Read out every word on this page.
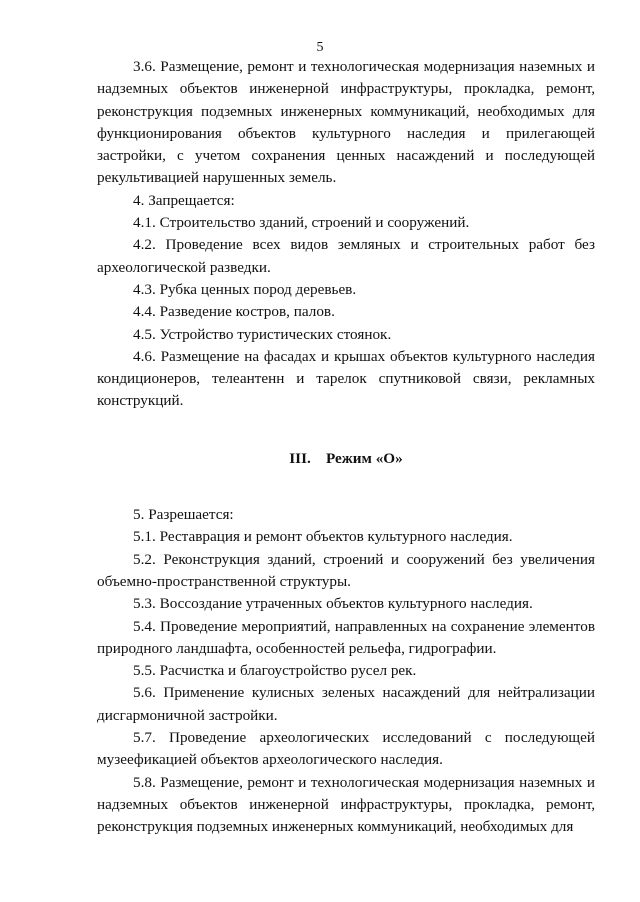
5

3.6. Размещение, ремонт и технологическая модернизация наземных и надземных объектов инженерной инфраструктуры, прокладка, ремонт, реконструкция подземных инженерных коммуникаций, необходимых для функционирования объектов культурного наследия и прилегающей застройки, с учетом сохранения ценных насаждений и последующей рекультивацией нарушенных земель.

4. Запрещается:

4.1. Строительство зданий, строений и сооружений.

4.2. Проведение всех видов земляных и строительных работ без археологической разведки.

4.3. Рубка ценных пород деревьев.

4.4. Разведение костров, палов.

4.5. Устройство туристических стоянок.

4.6. Размещение на фасадах и крышах объектов культурного наследия кондиционеров, телеантенн и тарелок спутниковой связи, рекламных конструкций.

III.    Режим «О»

5. Разрешается:

5.1. Реставрация и ремонт объектов культурного наследия.

5.2. Реконструкция зданий, строений и сооружений без увеличения объемно-пространственной структуры.

5.3. Воссоздание утраченных объектов культурного наследия.

5.4. Проведение мероприятий, направленных на сохранение элементов природного ландшафта, особенностей рельефа, гидрографии.

5.5. Расчистка и благоустройство русел рек.

5.6. Применение кулисных зеленых насаждений для нейтрализации дисгармоничной застройки.

5.7. Проведение археологических исследований с последующей музеефикацией объектов археологического наследия.

5.8. Размещение, ремонт и технологическая модернизация наземных и надземных объектов инженерной инфраструктуры, прокладка, ремонт, реконструкция подземных инженерных коммуникаций, необходимых для
